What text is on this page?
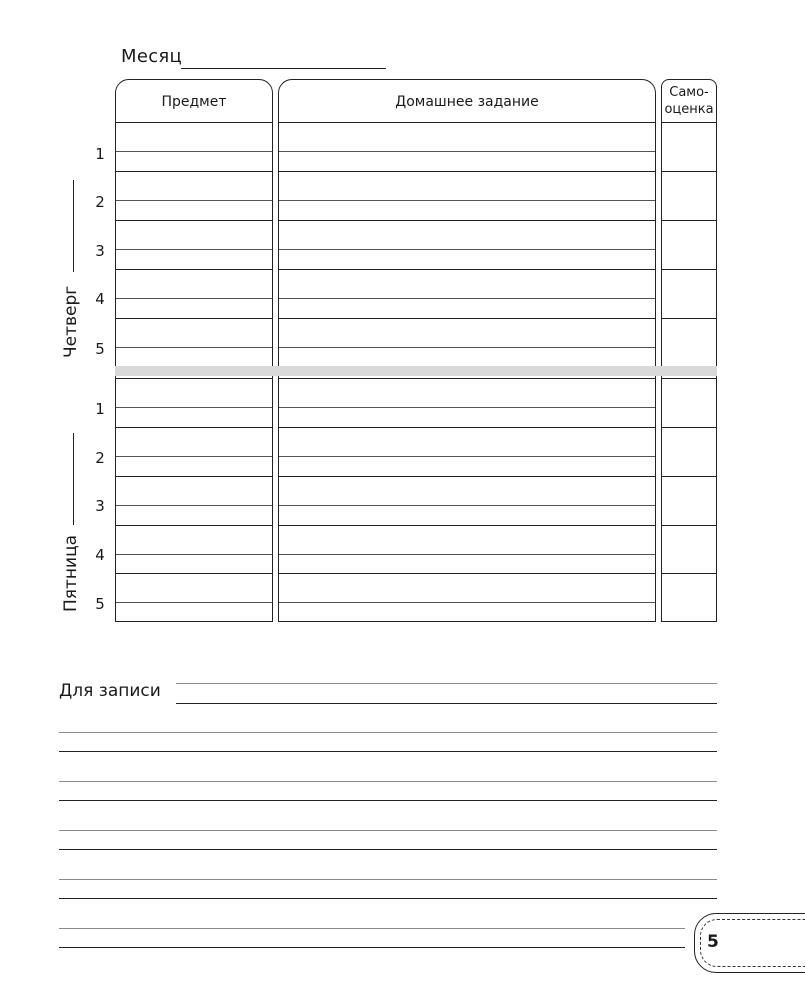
Месяц
Предмет	Домашнее задание
Само-
оценка
1
2
3
4
5
1
2
3
4
5
Четверг
Пятница
Для записи
5
